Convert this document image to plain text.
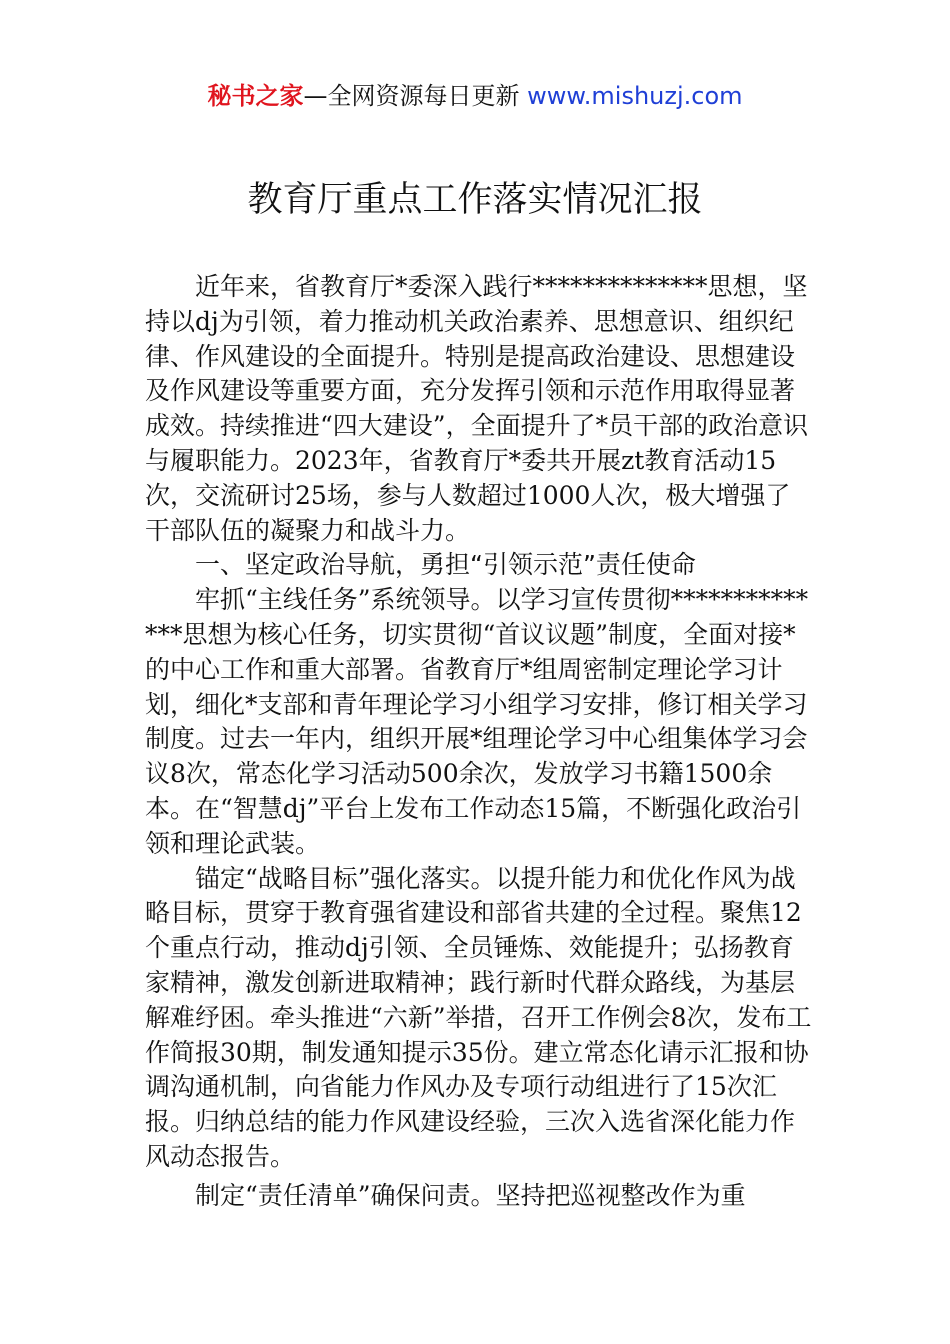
秘书之家—全网资源每日更新 www.mishuzj.com
教育厅重点工作落实情况汇报

近年来，省教育厅*委深入践行**************思想，坚持以dj为引领，着力推动机关政治素养、思想意识、组织纪律、作风建设的全面提升。特别是提高政治建设、思想建设及作风建设等重要方面，充分发挥引领和示范作用取得显著成效。持续推进“四大建设”，全面提升了*员干部的政治意识与履职能力。2023年，省教育厅*委共开展zt教育活动15次，交流研讨25场，参与人数超过1000人次，极大增强了干部队伍的凝聚力和战斗力。

一、坚定政治导航，勇担“引领示范”责任使命

牢抓“主线任务”系统领导。以学习宣传贯彻**************思想为核心任务，切实贯彻“首议议题”制度，全面对接*的中心工作和重大部署。省教育厅*组周密制定理论学习计划，细化*支部和青年理论学习小组学习安排，修订相关学习制度。过去一年内，组织开展*组理论学习中心组集体学习会议8次，常态化学习活动500余次，发放学习书籍1500余本。在“智慧dj”平台上发布工作动态15篇，不断强化政治引领和理论武装。

锚定“战略目标”强化落实。以提升能力和优化作风为战略目标，贯穿于教育强省建设和部省共建的全过程。聚焦12个重点行动，推动dj引领、全员锤炼、效能提升；弘扬教育家精神，激发创新进取精神；践行新时代群众路线，为基层解难纾困。牵头推进“六新”举措，召开工作例会8次，发布工作简报30期，制发通知提示35份。建立常态化请示汇报和协调沟通机制，向省能力作风办及专项行动组进行了15次汇报。归纳总结的能力作风建设经验，三次入选省深化能力作风动态报告。

制定“责任清单”确保问责。坚持把巡视整改作为重
